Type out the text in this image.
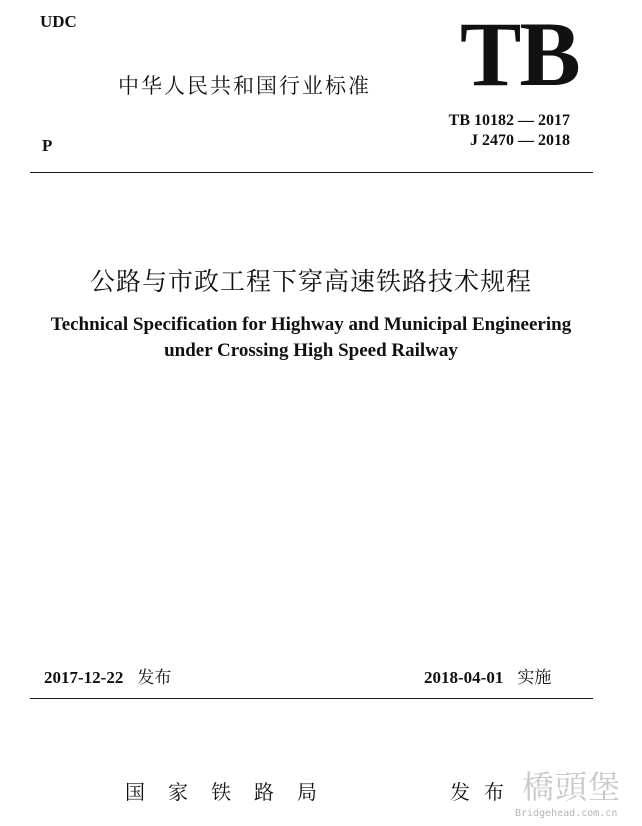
UDC	TB
中华人民共和国行业标准
P
TB 10182 — 2017
J 2470 — 2018
公路与市政工程下穿高速铁路技术规程
Technical Specification for Highway and Municipal Engineering
under Crossing High Speed Railway
2017-12-22 发布	2018-04-01 实施
国家铁路局	发布 橋頭堡
Bridgehead.com.cn
